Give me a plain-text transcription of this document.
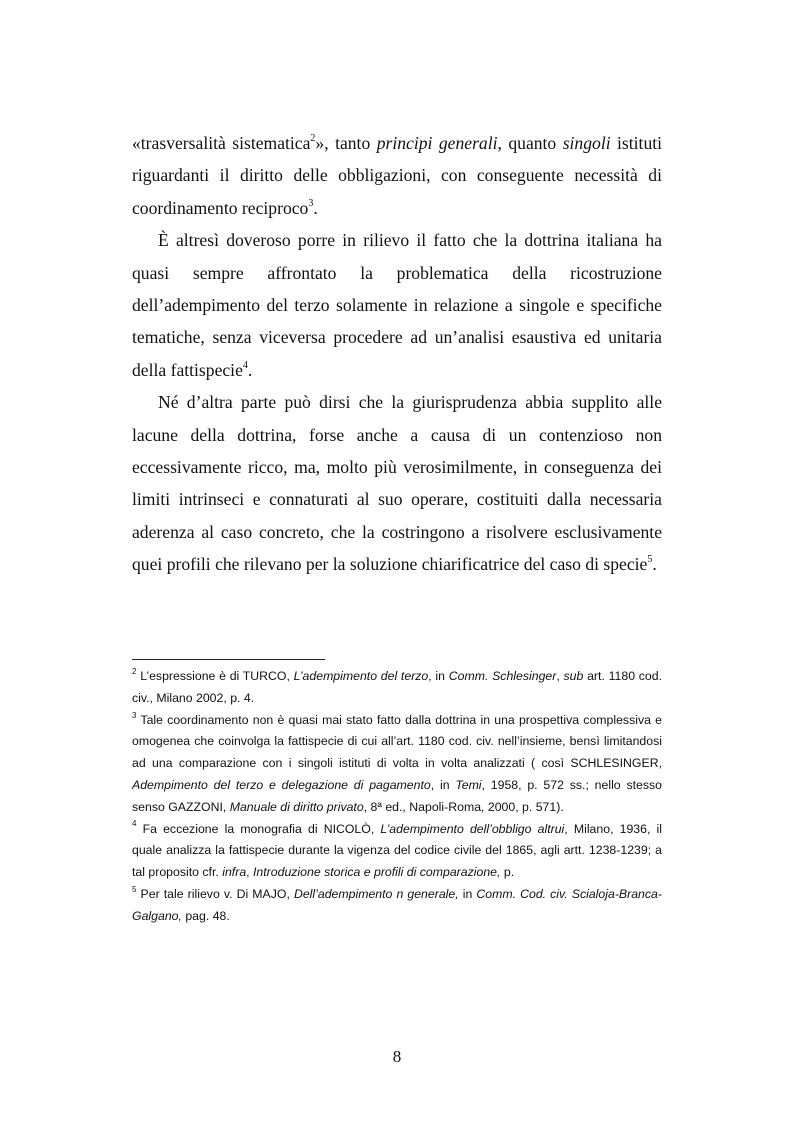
«trasversalità sistematica$^2$», tanto principi generali, quanto singoli istituti riguardanti il diritto delle obbligazioni, con conseguente necessità di coordinamento reciproco$^3$.

È altresì doveroso porre in rilievo il fatto che la dottrina italiana ha quasi sempre affrontato la problematica della ricostruzione dell’adempimento del terzo solamente in relazione a singole e specifiche tematiche, senza viceversa procedere ad un’analisi esaustiva ed unitaria della fattispecie$^4$.

Né d’altra parte può dirsi che la giurisprudenza abbia supplito alle lacune della dottrina, forse anche a causa di un contenzioso non eccessivamente ricco, ma, molto più verosimilmente, in conseguenza dei limiti intrinseci e connaturati al suo operare, costituiti dalla necessaria aderenza al caso concreto, che la costringono a risolvere esclusivamente quei profili che rilevano per la soluzione chiarificatrice del caso di specie$^5$.

$^2$ L’espressione è di TURCO, L’adempimento del terzo, in Comm. Schlesinger, sub art. 1180 cod. civ., Milano 2002, p. 4.

$^3$ Tale coordinamento non è quasi mai stato fatto dalla dottrina in una prospettiva complessiva e omogenea che coinvolga la fattispecie di cui all’art. 1180 cod. civ. nell’insieme, bensì limitandosi ad una comparazione con i singoli istituti di volta in volta analizzati ( così SCHLESINGER, Adempimento del terzo e delegazione di pagamento, in Temi, 1958, p. 572 ss.; nello stesso senso GAZZONI, Manuale di diritto privato, 8ª ed., Napoli-Roma, 2000, p. 571).

$^4$ Fa eccezione la monografia di NICOLÒ, L’adempimento dell’obbligo altrui, Milano, 1936, il quale analizza la fattispecie durante la vigenza del codice civile del 1865, agli artt. 1238-1239; a tal proposito cfr. infra, Introduzione storica e profili di comparazione, p.

$^5$ Per tale rilievo v. Di MAJO, Dell’adempimento n generale, in Comm. Cod. civ. Scialoja-Branca-Galgano, pag. 48.

8
